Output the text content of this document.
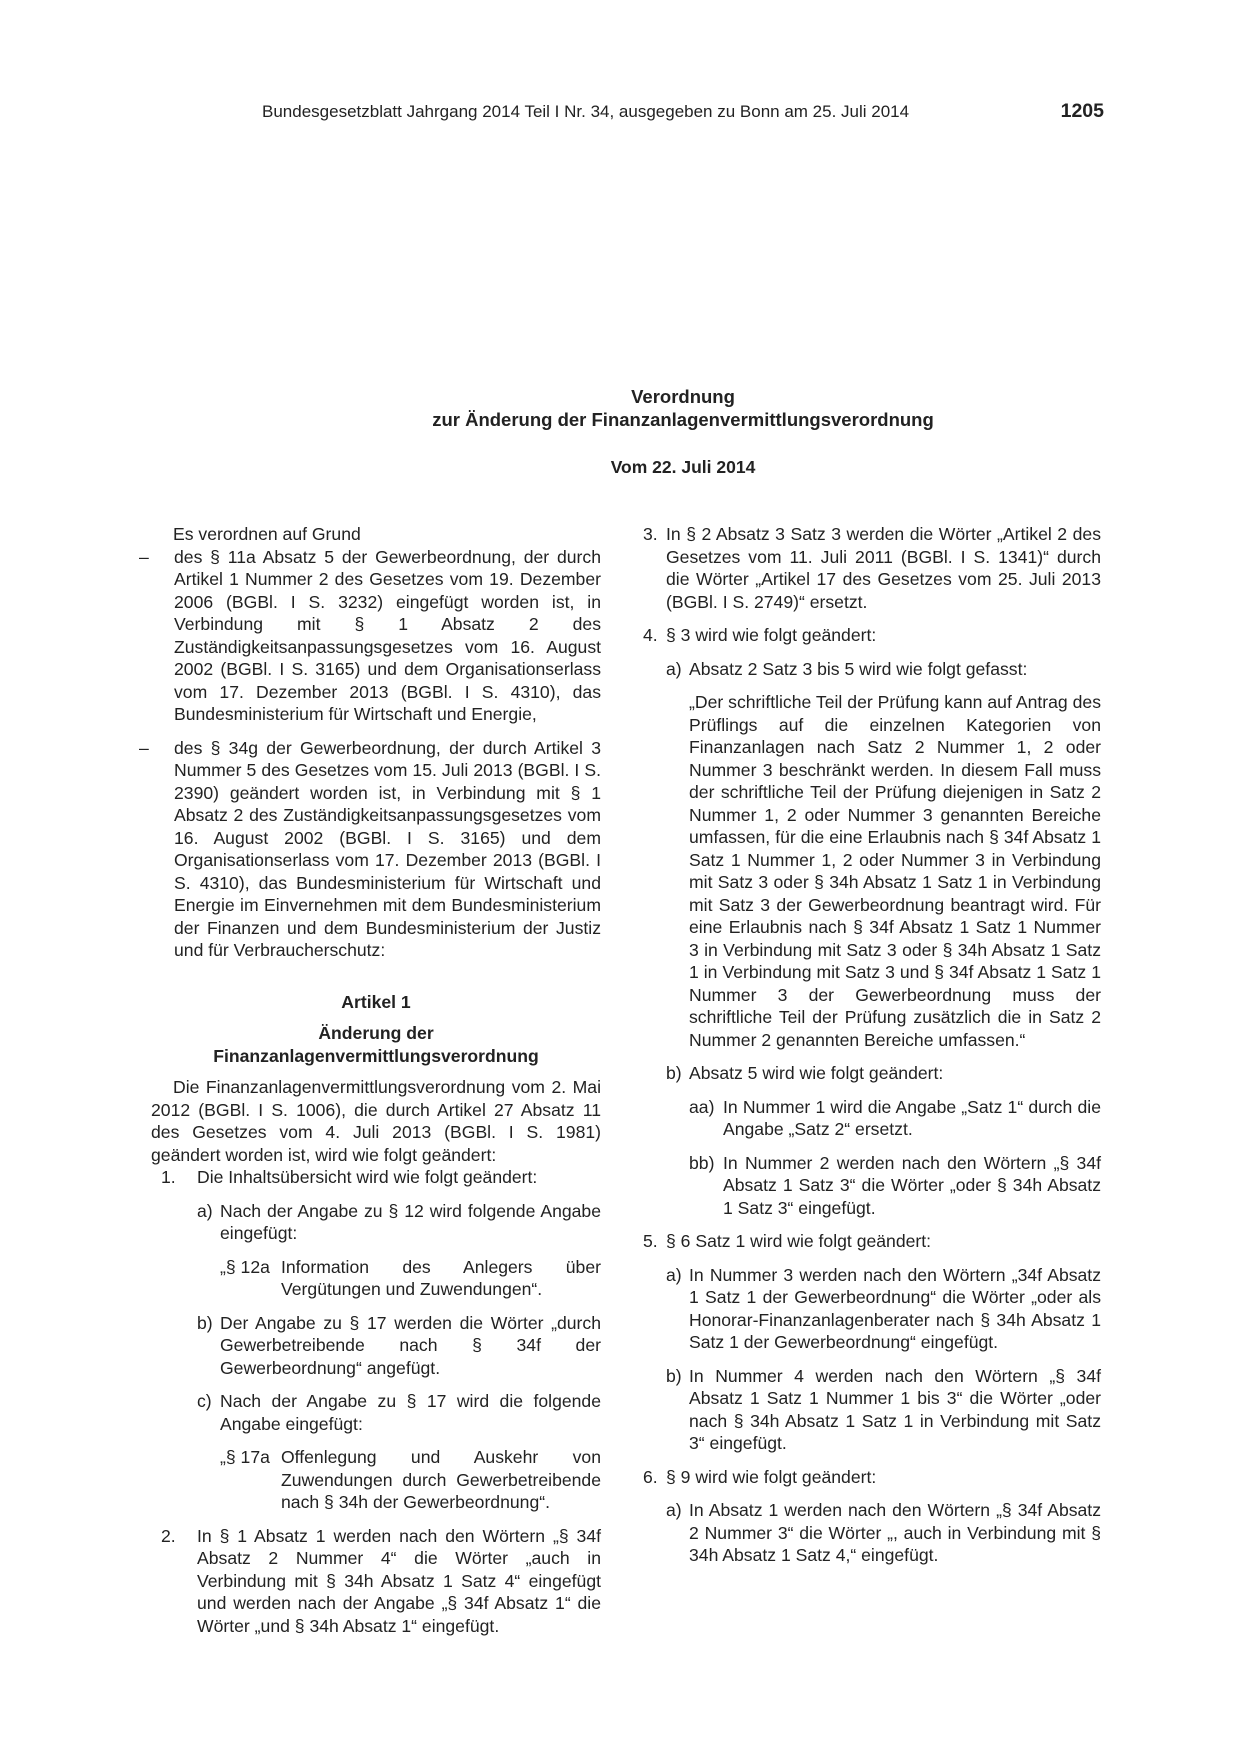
Bundesgesetzblatt Jahrgang 2014 Teil I Nr. 34, ausgegeben zu Bonn am 25. Juli 2014	1205
Verordnung
zur Änderung der Finanzanlagenvermittlungsverordnung
Vom 22. Juli 2014

Es verordnen auf Grund

– des § 11a Absatz 5 der Gewerbeordnung, der durch Artikel 1 Nummer 2 des Gesetzes vom 19. Dezember 2006 (BGBl. I S. 3232) eingefügt worden ist, in Verbindung mit § 1 Absatz 2 des Zuständigkeitsanpassungsgesetzes vom 16. August 2002 (BGBl. I S. 3165) und dem Organisationserlass vom 17. Dezember 2013 (BGBl. I S. 4310), das Bundesministerium für Wirtschaft und Energie,

– des § 34g der Gewerbeordnung, der durch Artikel 3 Nummer 5 des Gesetzes vom 15. Juli 2013 (BGBl. I S. 2390) geändert worden ist, in Verbindung mit § 1 Absatz 2 des Zuständigkeitsanpassungsgesetzes vom 16. August 2002 (BGBl. I S. 3165) und dem Organisationserlass vom 17. Dezember 2013 (BGBl. I S. 4310), das Bundesministerium für Wirtschaft und Energie im Einvernehmen mit dem Bundesministerium der Finanzen und dem Bundesministerium der Justiz und für Verbraucherschutz:

Artikel 1

Änderung der
Finanzanlagenvermittlungsverordnung

Die Finanzanlagenvermittlungsverordnung vom 2. Mai 2012 (BGBl. I S. 1006), die durch Artikel 27 Absatz 11 des Gesetzes vom 4. Juli 2013 (BGBl. I S. 1981) geändert worden ist, wird wie folgt geändert:

1. Die Inhaltsübersicht wird wie folgt geändert:

a) Nach der Angabe zu § 12 wird folgende Angabe eingefügt:

„§ 12a Information des Anlegers über Vergütungen und Zuwendungen“.

b) Der Angabe zu § 17 werden die Wörter „durch Gewerbetreibende nach § 34f der Gewerbeordnung“ angefügt.

c) Nach der Angabe zu § 17 wird die folgende Angabe eingefügt:

„§ 17a Offenlegung und Auskehr von Zuwendungen durch Gewerbetreibende nach § 34h der Gewerbeordnung“.

2. In § 1 Absatz 1 werden nach den Wörtern „§ 34f Absatz 2 Nummer 4“ die Wörter „auch in Verbindung mit § 34h Absatz 1 Satz 4“ eingefügt und werden nach der Angabe „§ 34f Absatz 1“ die Wörter „und § 34h Absatz 1“ eingefügt.

3. In § 2 Absatz 3 Satz 3 werden die Wörter „Artikel 2 des Gesetzes vom 11. Juli 2011 (BGBl. I S. 1341)“ durch die Wörter „Artikel 17 des Gesetzes vom 25. Juli 2013 (BGBl. I S. 2749)“ ersetzt.

4. § 3 wird wie folgt geändert:

a) Absatz 2 Satz 3 bis 5 wird wie folgt gefasst:

„Der schriftliche Teil der Prüfung kann auf Antrag des Prüflings auf die einzelnen Kategorien von Finanzanlagen nach Satz 2 Nummer 1, 2 oder Nummer 3 beschränkt werden. In diesem Fall muss der schriftliche Teil der Prüfung diejenigen in Satz 2 Nummer 1, 2 oder Nummer 3 genannten Bereiche umfassen, für die eine Erlaubnis nach § 34f Absatz 1 Satz 1 Nummer 1, 2 oder Nummer 3 in Verbindung mit Satz 3 oder § 34h Absatz 1 Satz 1 in Verbindung mit Satz 3 der Gewerbeordnung beantragt wird. Für eine Erlaubnis nach § 34f Absatz 1 Satz 1 Nummer 3 in Verbindung mit Satz 3 oder § 34h Absatz 1 Satz 1 in Verbindung mit Satz 3 und § 34f Absatz 1 Satz 1 Nummer 3 der Gewerbeordnung muss der schriftliche Teil der Prüfung zusätzlich die in Satz 2 Nummer 2 genannten Bereiche umfassen.“

b) Absatz 5 wird wie folgt geändert:

aa) In Nummer 1 wird die Angabe „Satz 1“ durch die Angabe „Satz 2“ ersetzt.

bb) In Nummer 2 werden nach den Wörtern „§ 34f Absatz 1 Satz 3“ die Wörter „oder § 34h Absatz 1 Satz 3“ eingefügt.

5. § 6 Satz 1 wird wie folgt geändert:

a) In Nummer 3 werden nach den Wörtern „34f Absatz 1 Satz 1 der Gewerbeordnung“ die Wörter „oder als Honorar-Finanzanlagenberater nach § 34h Absatz 1 Satz 1 der Gewerbeordnung“ eingefügt.

b) In Nummer 4 werden nach den Wörtern „§ 34f Absatz 1 Satz 1 Nummer 1 bis 3“ die Wörter „oder nach § 34h Absatz 1 Satz 1 in Verbindung mit Satz 3“ eingefügt.

6. § 9 wird wie folgt geändert:

a) In Absatz 1 werden nach den Wörtern „§ 34f Absatz 2 Nummer 3“ die Wörter „, auch in Verbindung mit § 34h Absatz 1 Satz 4,“ eingefügt.
